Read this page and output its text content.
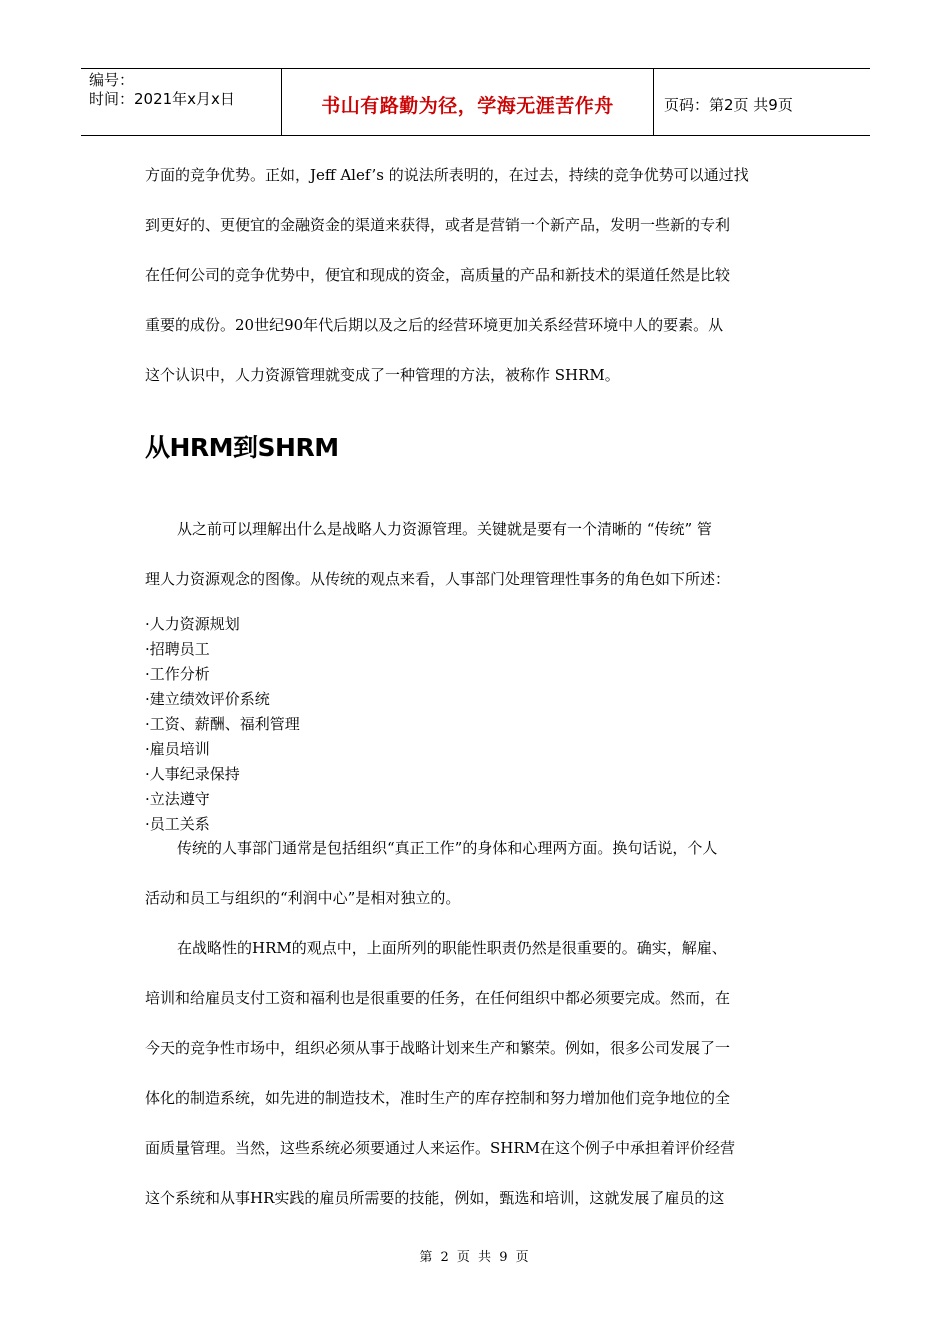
编号：
时间：2021年x月x日	书山有路勤为径，学海无涯苦作舟	页码：第2页 共9页

方面的竞争优势。正如，Jeff Alef’s 的说法所表明的，在过去，持续的竞争优势可以通过找

到更好的、更便宜的金融资金的渠道来获得，或者是营销一个新产品，发明一些新的专利

在任何公司的竞争优势中，便宜和现成的资金，高质量的产品和新技术的渠道任然是比较

重要的成份。20世纪90年代后期以及之后的经营环境更加关系经营环境中人的要素。从

这个认识中，人力资源管理就变成了一种管理的方法，被称作 SHRM。

从HRM到SHRM

从之前可以理解出什么是战略人力资源管理。关键就是要有一个清晰的 “传统” 管

理人力资源观念的图像。从传统的观点来看，人事部门处理管理性事务的角色如下所述：

·人力资源规划
·招聘员工
·工作分析
·建立绩效评价系统
·工资、薪酬、福利管理
·雇员培训
·人事纪录保持
·立法遵守
·员工关系

传统的人事部门通常是包括组织“真正工作”的身体和心理两方面。换句话说，个人

活动和员工与组织的“利润中心”是相对独立的。

在战略性的HRM的观点中，上面所列的职能性职责仍然是很重要的。确实，解雇、

培训和给雇员支付工资和福利也是很重要的任务，在任何组织中都必须要完成。然而，在

今天的竞争性市场中，组织必须从事于战略计划来生产和繁荣。例如，很多公司发展了一

体化的制造系统，如先进的制造技术，准时生产的库存控制和努力增加他们竞争地位的全

面质量管理。当然，这些系统必须要通过人来运作。SHRM在这个例子中承担着评价经营

这个系统和从事HR实践的雇员所需要的技能，例如，甄选和培训，这就发展了雇员的这

第 2 页 共 9 页
